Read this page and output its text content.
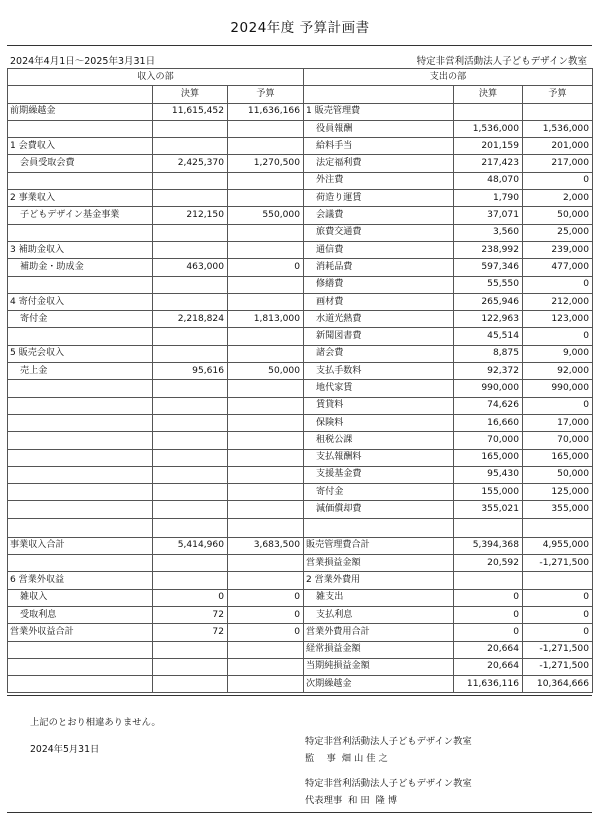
2024年度 予算計画書
2024年4月1日〜2025年3月31日	特定非営利活動法人子どもデザイン教室
収入の部			支出の部		
	決算	予算		決算	予算
前期繰越金	11,615,452	11,636,166	1 販売管理費		
			役員報酬	1,536,000	1,536,000
1 会費収入			給料手当	201,159	201,000
会員受取会費	2,425,370	1,270,500	法定福利費	217,423	217,000
			外注費	48,070	0
2 事業収入			荷造り運賃	1,790	2,000
子どもデザイン基金事業	212,150	550,000	会議費	37,071	50,000
			旅費交通費	3,560	25,000
3 補助金収入			通信費	238,992	239,000
補助金・助成金	463,000	0	消耗品費	597,346	477,000
			修繕費	55,550	0
4 寄付金収入			画材費	265,946	212,000
寄付金	2,218,824	1,813,000	水道光熱費	122,963	123,000
			新聞図書費	45,514	0
5 販売会収入			諸会費	8,875	9,000
売上金	95,616	50,000	支払手数料	92,372	92,000
			地代家賃	990,000	990,000
			賃貸料	74,626	0
			保険料	16,660	17,000
			租税公課	70,000	70,000
			支払報酬料	165,000	165,000
			支援基金費	95,430	50,000
			寄付金	155,000	125,000
			減価償却費	355,021	355,000

事業収入合計	5,414,960	3,683,500	販売管理費合計	5,394,368	4,955,000
			営業損益金額	20,592	-1,271,500
6 営業外収益			2 営業外費用		
雑収入	0	0	雑支出	0	0
受取利息	72	0	支払利息	0	0
営業外収益合計	72	0	営業外費用合計	0	0
			経常損益金額	20,664	-1,271,500
			当期純損益金額	20,664	-1,271,500
			次期繰越金	11,636,116	10,364,666
上記のとおり相違ありません。
2024年5月31日
特定非営利活動法人子どもデザイン教室
監　 事  畑 山 佳 之
特定非営利活動法人子どもデザイン教室
代表理事  和 田  隆 博
